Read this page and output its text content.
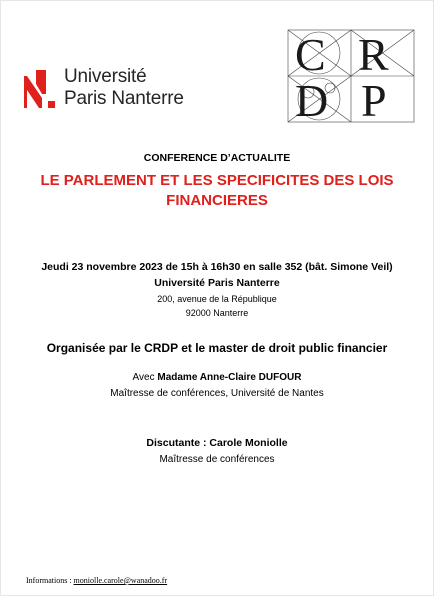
Université
Paris Nanterre
C R
D P
CONFERENCE D’ACTUALITE
LE PARLEMENT ET LES SPECIFICITES DES LOIS
FINANCIERES
Jeudi 23 novembre 2023 de 15h à 16h30 en salle 352 (bât. Simone Veil)
Université Paris Nanterre
200, avenue de la République
92000 Nanterre
Organisée par le CRDP et le master de droit public financier
Avec Madame Anne-Claire DUFOUR
Maîtresse de conférences, Université de Nantes
Discutante : Carole Moniolle
Maîtresse de conférences
Informations : moniolle.carole@wanadoo.fr
